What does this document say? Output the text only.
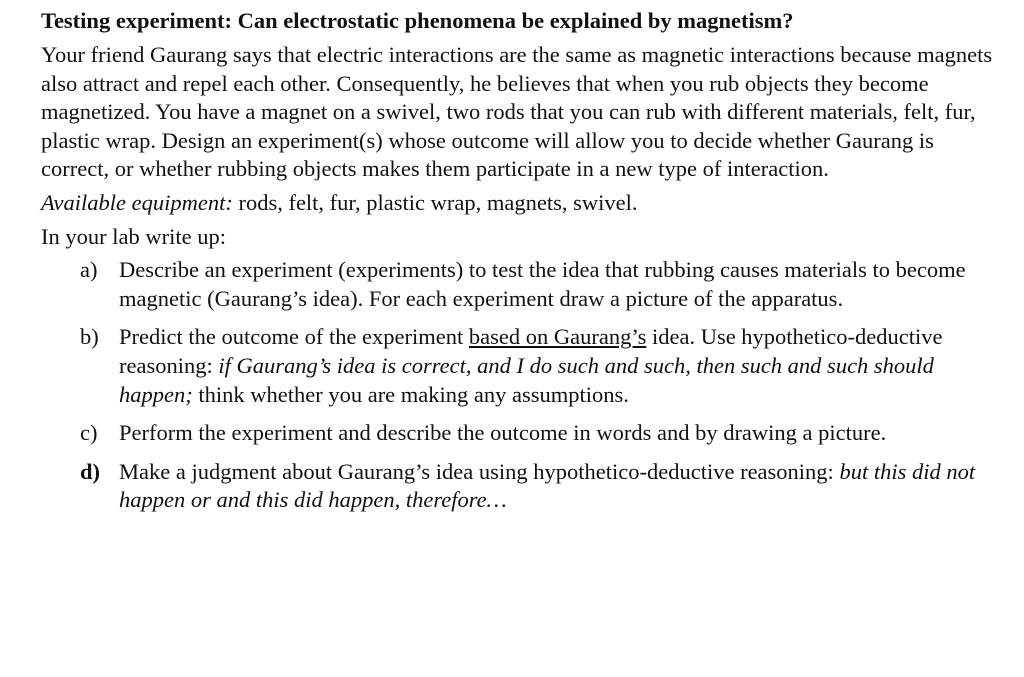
Testing experiment: Can electrostatic phenomena be explained by magnetism?

Your friend Gaurang says that electric interactions are the same as magnetic interactions because magnets also attract and repel each other. Consequently, he believes that when you rub objects they become magnetized. You have a magnet on a swivel, two rods that you can rub with different materials, felt, fur, plastic wrap. Design an experiment(s) whose outcome will allow you to decide whether Gaurang is correct, or whether rubbing objects makes them participate in a new type of interaction.

Available equipment: rods, felt, fur, plastic wrap, magnets, swivel.

In your lab write up:

a) Describe an experiment (experiments) to test the idea that rubbing causes materials to become magnetic (Gaurang’s idea). For each experiment draw a picture of the apparatus.
b) Predict the outcome of the experiment based on Gaurang’s idea. Use hypothetico-deductive reasoning: if Gaurang’s idea is correct, and I do such and such, then such and such should happen; think whether you are making any assumptions.
c) Perform the experiment and describe the outcome in words and by drawing a picture.
d) Make a judgment about Gaurang’s idea using hypothetico-deductive reasoning: but this did not happen or and this did happen, therefore…
